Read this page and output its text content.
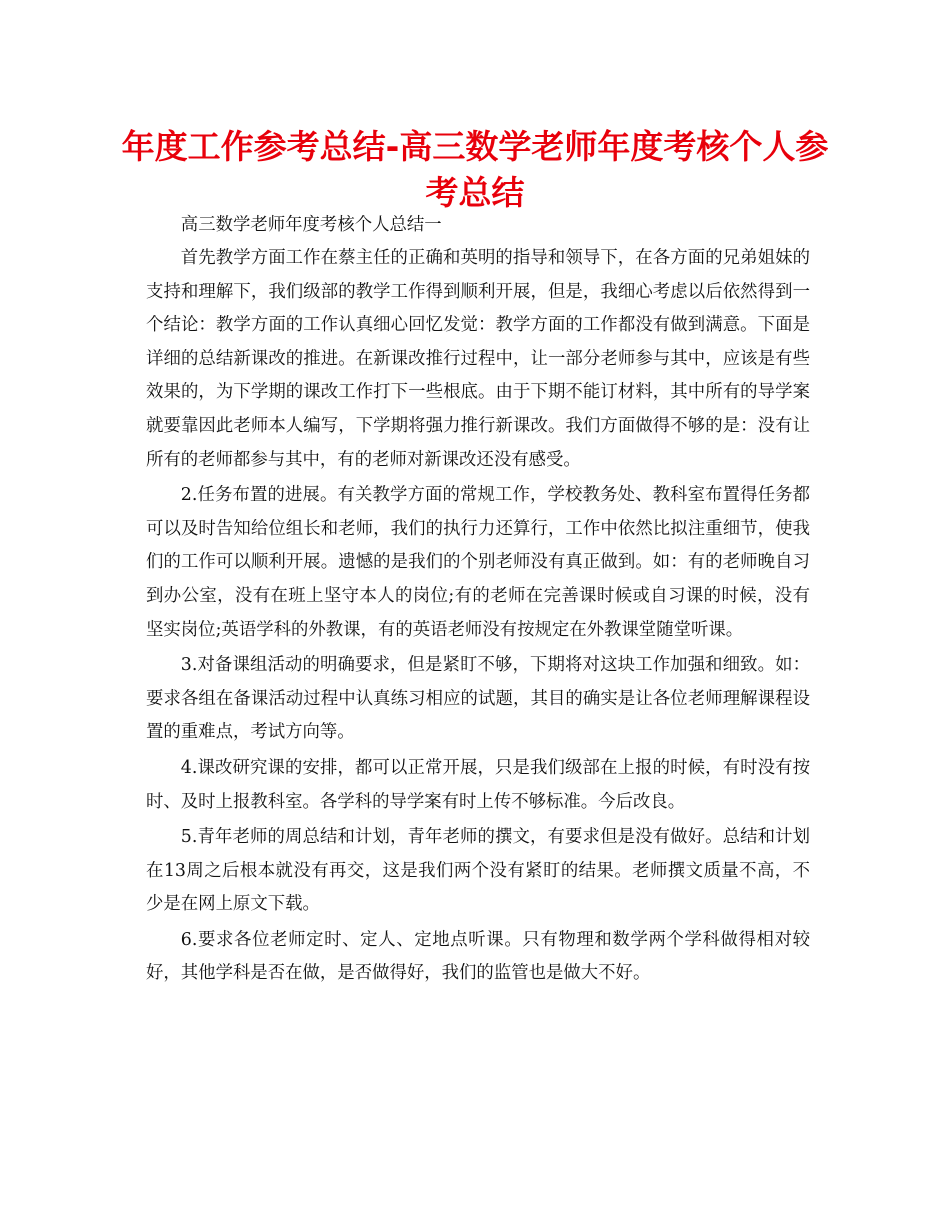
年度工作参考总结-高三数学老师年度考核个人参考总结

高三数学老师年度考核个人总结一

首先教学方面工作在蔡主任的正确和英明的指导和领导下，在各方面的兄弟姐妹的支持和理解下，我们级部的教学工作得到顺利开展，但是，我细心考虑以后依然得到一个结论：教学方面的工作认真细心回忆发觉：教学方面的工作都没有做到满意。下面是详细的总结新课改的推进。在新课改推行过程中，让一部分老师参与其中，应该是有些效果的，为下学期的课改工作打下一些根底。由于下期不能订材料，其中所有的导学案就要靠因此老师本人编写，下学期将强力推行新课改。我们方面做得不够的是：没有让所有的老师都参与其中，有的老师对新课改还没有感受。

2.任务布置的进展。有关教学方面的常规工作，学校教务处、教科室布置得任务都可以及时告知给位组长和老师，我们的执行力还算行，工作中依然比拟注重细节，使我们的工作可以顺利开展。遗憾的是我们的个别老师没有真正做到。如：有的老师晚自习到办公室，没有在班上坚守本人的岗位;有的老师在完善课时候或自习课的时候，没有坚实岗位;英语学科的外教课，有的英语老师没有按规定在外教课堂随堂听课。

3.对备课组活动的明确要求，但是紧盯不够，下期将对这块工作加强和细致。如：要求各组在备课活动过程中认真练习相应的试题，其目的确实是让各位老师理解课程设置的重难点，考试方向等。

4.课改研究课的安排，都可以正常开展，只是我们级部在上报的时候，有时没有按时、及时上报教科室。各学科的导学案有时上传不够标准。今后改良。

5.青年老师的周总结和计划，青年老师的撰文，有要求但是没有做好。总结和计划在13周之后根本就没有再交，这是我们两个没有紧盯的结果。老师撰文质量不高，不少是在网上原文下载。

6.要求各位老师定时、定人、定地点听课。只有物理和数学两个学科做得相对较好，其他学科是否在做，是否做得好，我们的监管也是做大不好。
